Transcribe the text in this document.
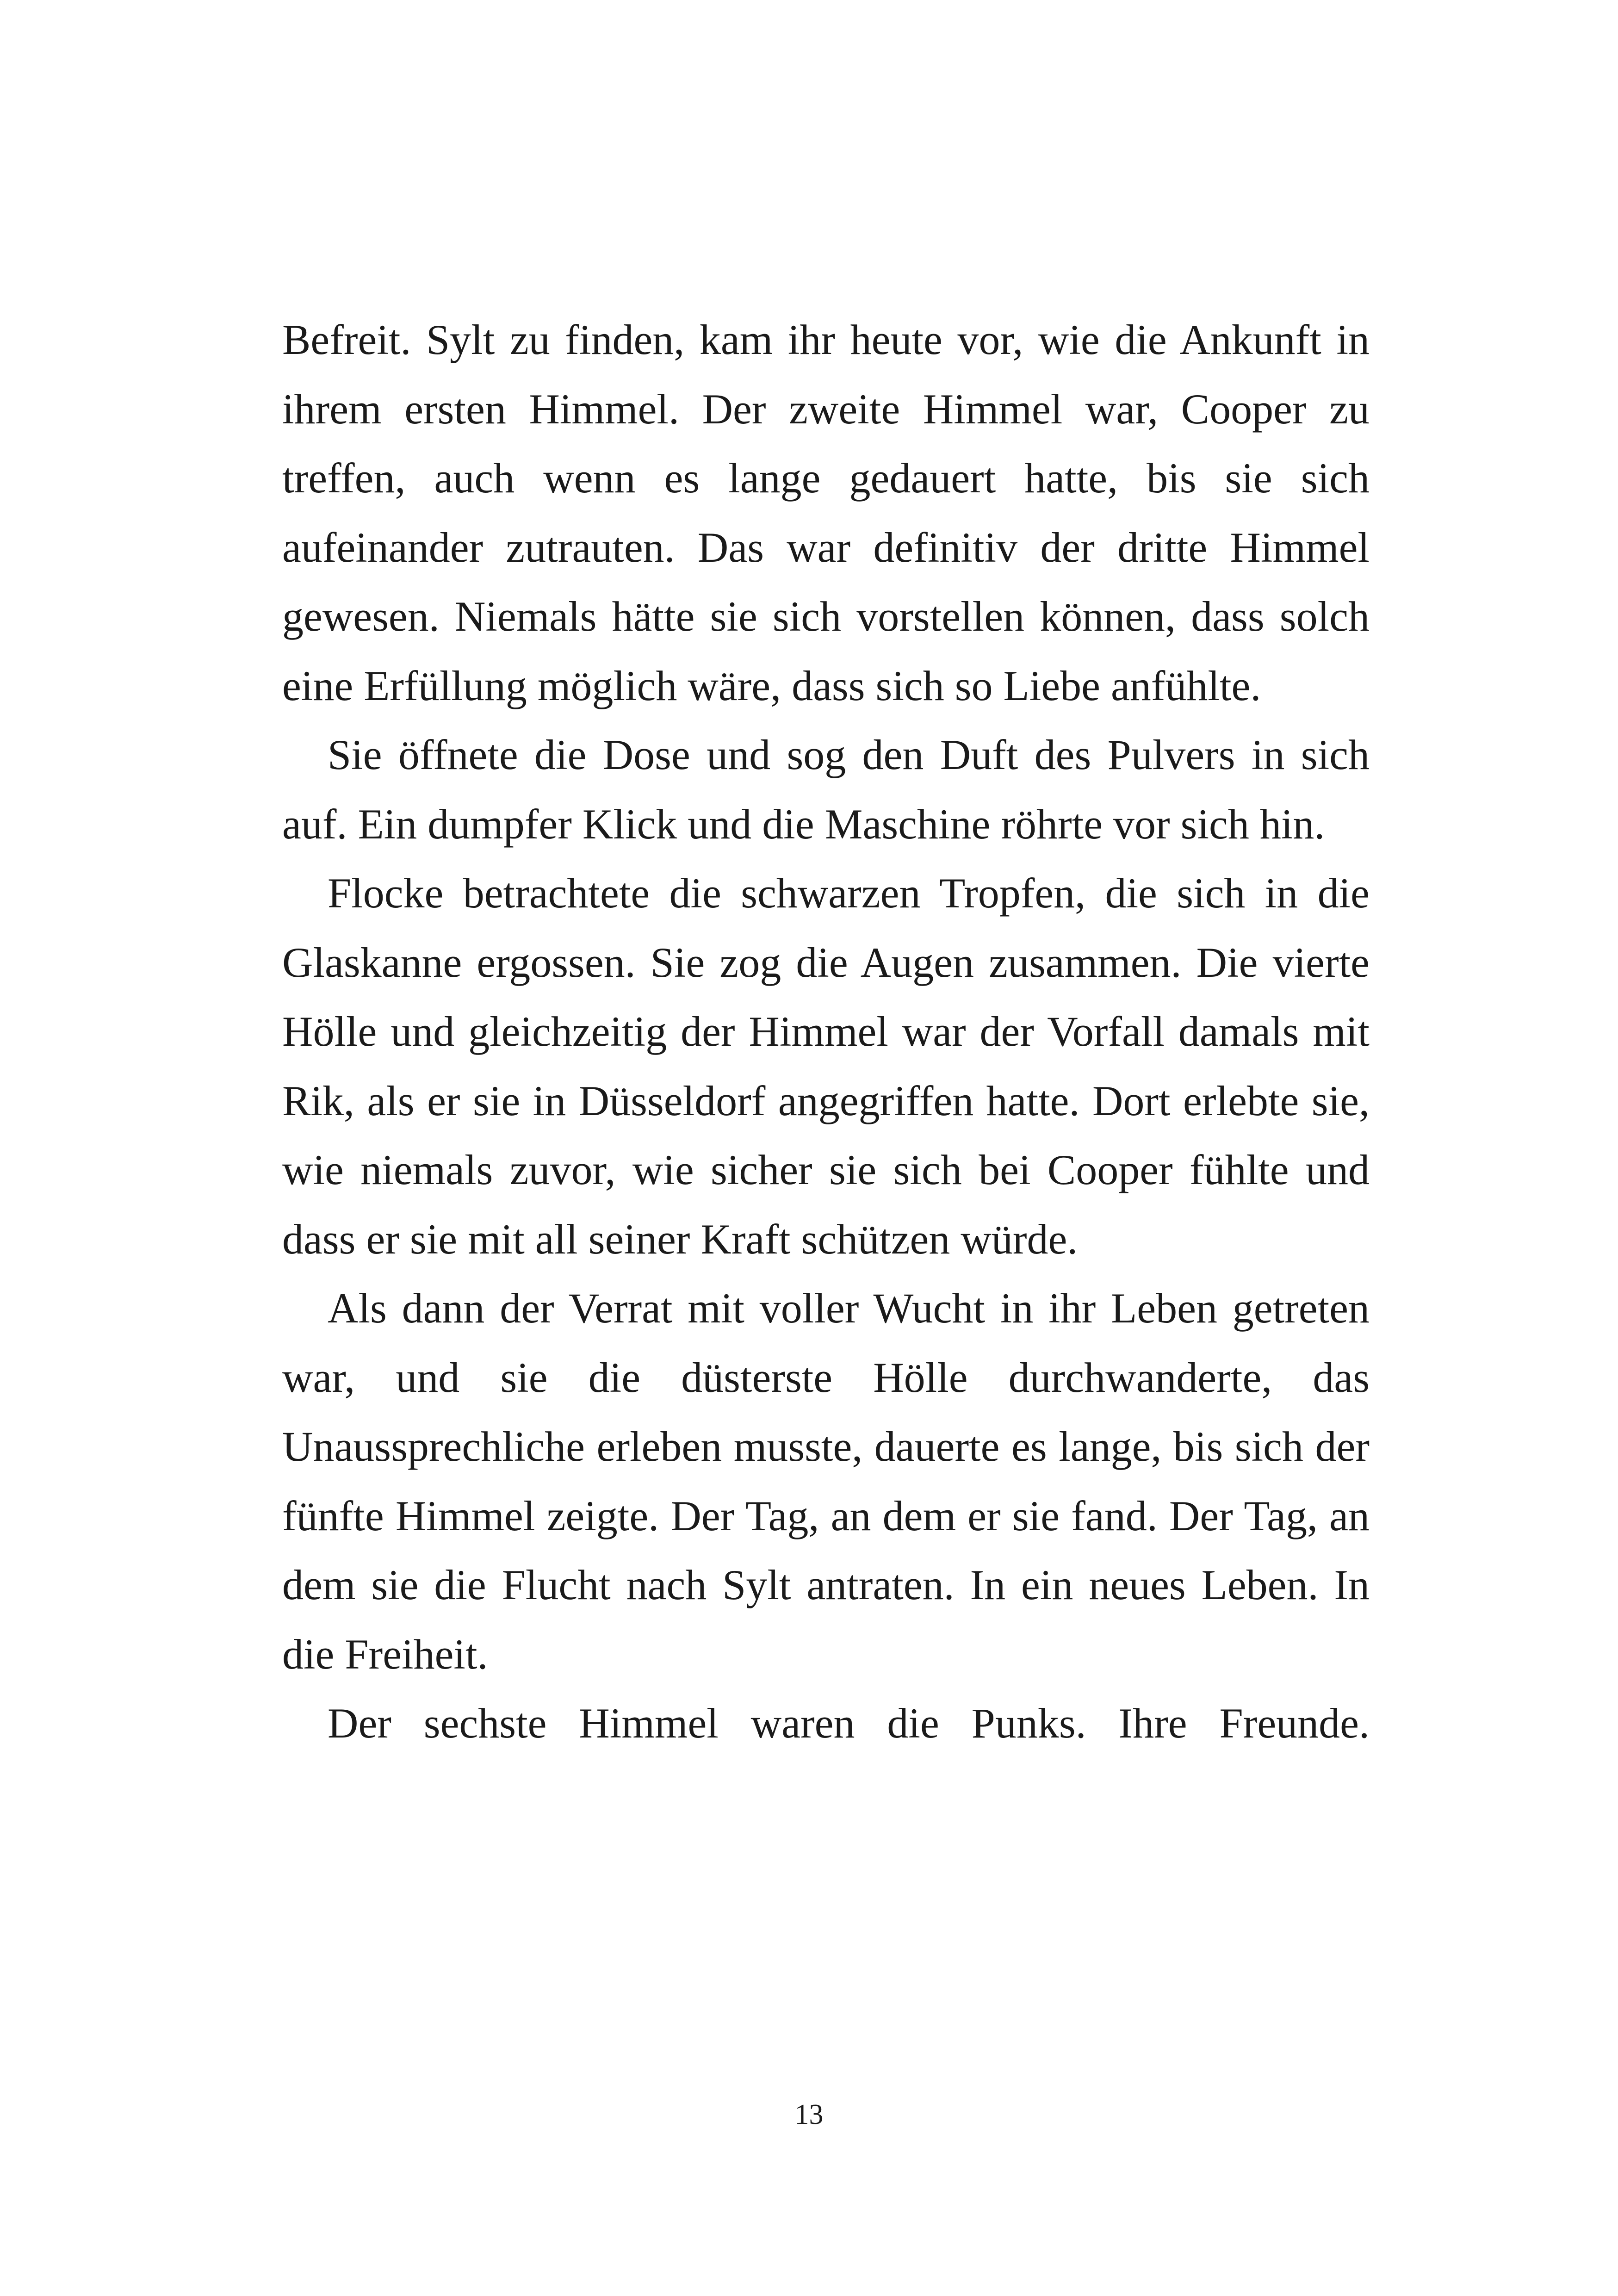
Befreit. Sylt zu finden, kam ihr heute vor, wie die Ankunft in ihrem ersten Himmel. Der zweite Himmel war, Cooper zu treffen, auch wenn es lange gedauert hatte, bis sie sich aufeinander zutrauten. Das war definitiv der dritte Himmel gewesen. Niemals hätte sie sich vorstellen können, dass solch eine Erfüllung möglich wäre, dass sich so Liebe anfühlte.

Sie öffnete die Dose und sog den Duft des Pulvers in sich auf. Ein dumpfer Klick und die Maschine röhrte vor sich hin.

Flocke betrachtete die schwarzen Tropfen, die sich in die Glaskanne ergossen. Sie zog die Augen zusammen. Die vierte Hölle und gleichzeitig der Himmel war der Vorfall damals mit Rik, als er sie in Düsseldorf angegriffen hatte. Dort erlebte sie, wie niemals zuvor, wie sicher sie sich bei Cooper fühlte und dass er sie mit all seiner Kraft schützen würde.

Als dann der Verrat mit voller Wucht in ihr Leben getreten war, und sie die düsterste Hölle durchwanderte, das Unaussprechliche erleben musste, dauerte es lange, bis sich der fünfte Himmel zeigte. Der Tag, an dem er sie fand. Der Tag, an dem sie die Flucht nach Sylt antraten. In ein neues Leben. In die Freiheit.

Der sechste Himmel waren die Punks. Ihre Freunde.

13
